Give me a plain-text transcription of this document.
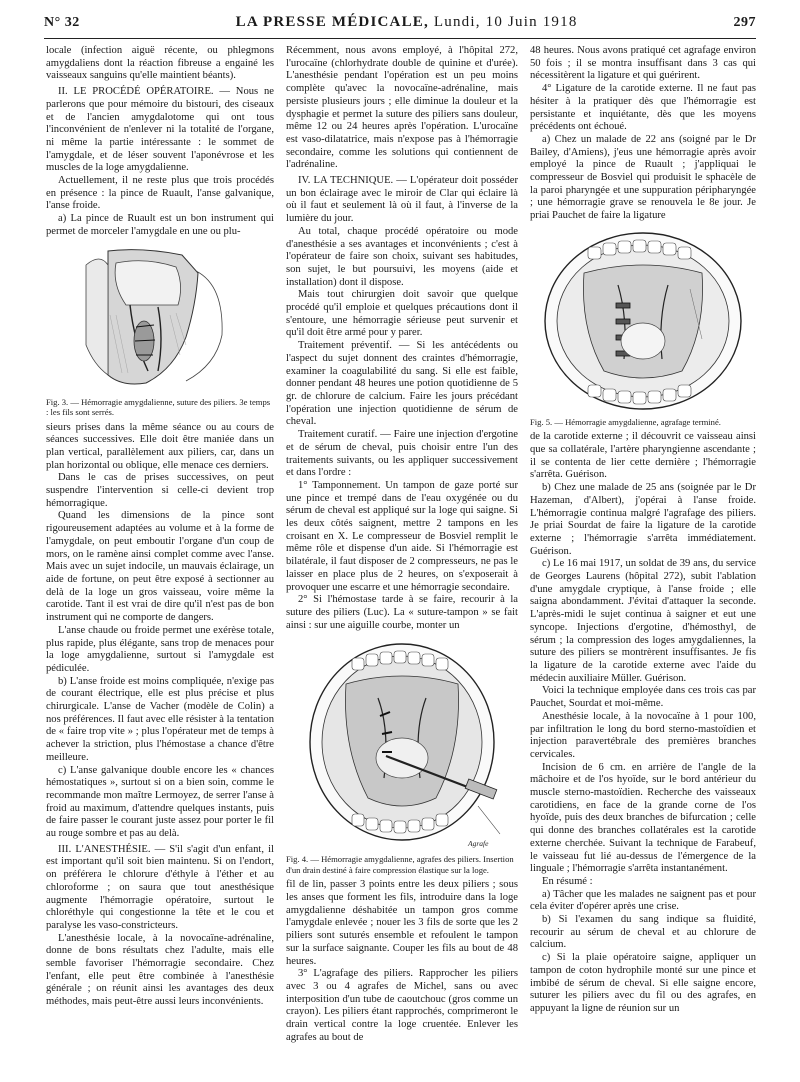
N° 32	LA PRESSE MÉDICALE, Lundi, 10 Juin 1918	297

locale (infection aiguë récente, ou phlegmons amygdaliens dont la réaction fibreuse a engainé les vaisseaux sanguins qu'elle maintient béants).

II. LE PROCÉDÉ OPÉRATOIRE. — Nous ne parlerons que pour mémoire du bistouri, des ciseaux et de l'ancien amygdalotome qui ont tous l'inconvénient de n'enlever ni la totalité de l'organe, ni même la partie intéressante : le sommet de l'amygdale, et de léser souvent l'aponévrose et les muscles de la loge amygdalienne.

Actuellement, il ne reste plus que trois procédés en présence : la pince de Ruault, l'anse galvanique, l'anse froide.

a) La pince de Ruault est un bon instrument qui permet de morceler l'amygdale en une ou plu-

Fig. 3. — Hémorragie amygdalienne, suture des piliers. 3e temps : les fils sont serrés.

sieurs prises dans la même séance ou au cours de séances successives. Elle doit être maniée dans un plan vertical, parallèlement aux piliers, car, dans un plan horizontal ou oblique, elle menace ces derniers.

Dans le cas de prises successives, on peut suspendre l'intervention si celle-ci devient trop hémorragique.

Quand les dimensions de la pince sont rigoureusement adaptées au volume et à la forme de l'amygdale, on peut emboutir l'organe d'un coup de mors, on le ramène ainsi complet comme avec l'anse. Mais avec un sujet indocile, un mauvais éclairage, un aide de fortune, on peut être exposé à sectionner au delà de la loge un gros vaisseau, voire même la carotide. Tant il est vrai de dire qu'il n'est pas de bon instrument qui ne comporte de dangers.

L'anse chaude ou froide permet une exérèse totale, plus rapide, plus élégante, sans trop de menaces pour la loge amygdalienne, surtout si l'amygdale est pédiculée.

b) L'anse froide est moins compliquée, n'exige pas de courant électrique, elle est plus précise et plus chirurgicale. L'anse de Vacher (modèle de Colin) a nos préférences. Il faut avec elle résister à la tentation de « faire trop vite » ; plus l'opérateur met de temps à achever la striction, plus l'hémostase a chance d'être meilleure.

c) L'anse galvanique double encore les « chances hémostatiques », surtout si on a bien soin, comme le recommande mon maître Lermoyez, de serrer l'anse à froid au maximum, d'attendre quelques instants, puis de faire passer le courant juste assez pour porter le fil au rouge sombre et pas au delà.

III. L'ANESTHÉSIE. — S'il s'agit d'un enfant, il est important qu'il soit bien maintenu. Si on l'endort, on préférera le chlorure d'éthyle à l'éther et au chloroforme ; on saura que tout anesthésique augmente l'hémorragie opératoire, surtout le chloréthyle qui congestionne la tête et le cou et paralyse les vaso-constricteurs.

L'anesthésie locale, à la novocaïne-adrénaline, donne de bons résultats chez l'adulte, mais elle semble favoriser l'hémorragie secondaire. Chez l'enfant, elle peut être combinée à l'anesthésie générale ; on réunit ainsi les avantages des deux méthodes, mais peut-être aussi leurs inconvénients.

Récemment, nous avons employé, à l'hôpital 272, l'urocaïne (chlorhydrate double de quinine et d'urée). L'anesthésie pendant l'opération est un peu moins complète qu'avec la novocaïne-adrénaline, mais persiste plusieurs jours ; elle diminue la douleur et la dysphagie et permet la suture des piliers sans douleur, même 12 ou 24 heures après l'opération. L'urocaïne est vaso-dilatatrice, mais n'expose pas à l'hémorragie secondaire, comme les solutions qui contiennent de l'adrénaline.

IV. LA TECHNIQUE. — L'opérateur doit posséder un bon éclairage avec le miroir de Clar qui éclaire là où il faut et seulement là où il faut, à l'inverse de la lumière du jour.

Au total, chaque procédé opératoire ou mode d'anesthésie a ses avantages et inconvénients ; c'est à l'opérateur de faire son choix, suivant ses habitudes, son sujet, le but poursuivi, les moyens (aide et installation) dont il dispose.

Mais tout chirurgien doit savoir que quelque procédé qu'il emploie et quelques précautions dont il s'entoure, une hémorragie sérieuse peut survenir et qu'il doit être armé pour y parer.

Traitement préventif. — Si les antécédents ou l'aspect du sujet donnent des craintes d'hémorragie, examiner la coagulabilité du sang. Si elle est faible, donner pendant 48 heures une potion quotidienne de 5 gr. de chlorure de calcium. Faire les jours précédant l'opération une injection quotidienne de sérum de cheval.

Traitement curatif. — Faire une injection d'ergotine et de sérum de cheval, puis choisir entre l'un des traitements suivants, ou les appliquer successivement et dans l'ordre :

1° Tamponnement. Un tampon de gaze porté sur une pince et trempé dans de l'eau oxygénée ou du sérum de cheval est appliqué sur la loge qui saigne. Si les deux côtés saignent, mettre 2 tampons en les croisant en X. Le compresseur de Bosviel remplit le même rôle et dispense d'un aide. Si l'hémorragie est bilatérale, il faut disposer de 2 compresseurs, ne pas le laisser en place plus de 2 heures, on s'exposerait à provoquer une escarre et une hémorragie secondaire.

2° Si l'hémostase tarde à se faire, recourir à la suture des piliers (Luc). La « suture-tampon » se fait ainsi : sur une aiguille courbe, monter un

Agrafe
Fig. 4. — Hémorragie amygdalienne, agrafes des piliers. Insertion d'un drain destiné à faire compression élastique sur la loge.

fil de lin, passer 3 points entre les deux piliers ; sous les anses que forment les fils, introduire dans la loge amygdalienne déshabitée un tampon gros comme l'amygdale enlevée ; nouer les 3 fils de sorte que les 2 piliers sont suturés ensemble et refoulent le tampon sur la surface saignante. Couper les fils au bout de 48 heures.

3° L'agrafage des piliers. Rapprocher les piliers avec 3 ou 4 agrafes de Michel, sans ou avec interposition d'un tube de caoutchouc (gros comme un crayon). Les piliers étant rapprochés, comprimeront le drain vertical contre la loge cruentée. Enlever les agrafes au bout de

48 heures. Nous avons pratiqué cet agrafage environ 50 fois ; il se montra insuffisant dans 3 cas qui nécessitèrent la ligature et qui guérirent.

4° Ligature de la carotide externe. Il ne faut pas hésiter à la pratiquer dès que l'hémorragie est persistante et inquiétante, dès que les moyens précédents ont échoué.

a) Chez un malade de 22 ans (soigné par le Dr Bailey, d'Amiens), j'eus une hémorragie après avoir employé la pince de Ruault ; j'appliquai le compresseur de Bosviel qui produisit le sphacèle de la paroi pharyngée et une suppuration péripharyngée ; une hémorragie grave se renouvela le 8e jour. Je priai Pauchet de faire la ligature

Fig. 5. — Hémorragie amygdalienne, agrafage terminé.

de la carotide externe ; il découvrit ce vaisseau ainsi que sa collatérale, l'artère pharyngienne ascendante ; il se contenta de lier cette dernière ; l'hémorragie s'arrêta. Guérison.

b) Chez une malade de 25 ans (soignée par le Dr Hazeman, d'Albert), j'opérai à l'anse froide. L'hémorragie continua malgré l'agrafage des piliers. Je priai Sourdat de faire la ligature de la carotide externe ; l'hémorragie s'arrêta immédiatement. Guérison.

c) Le 16 mai 1917, un soldat de 39 ans, du service de Georges Laurens (hôpital 272), subit l'ablation d'une amygdale cryptique, à l'anse froide ; elle saigna abondamment. J'évitai d'attaquer la seconde. L'après-midi le sujet continua à saigner et eut une syncope. Injections d'ergotine, d'hémosthyl, de sérum ; la compression des loges amygdaliennes, la suture des piliers se montrèrent insuffisantes. Je fis la ligature de la carotide externe avec l'aide du médecin auxiliaire Müller. Guérison.

Voici la technique employée dans ces trois cas par Pauchet, Sourdat et moi-même.

Anesthésie locale, à la novocaïne à 1 pour 100, par infiltration le long du bord sterno-mastoïdien et injection paravertébrale des premières branches cervicales.

Incision de 6 cm. en arrière de l'angle de la mâchoire et de l'os hyoïde, sur le bord antérieur du muscle sterno-mastoïdien. Recherche des vaisseaux carotidiens, en face de la grande corne de l'os hyoïde, puis des deux branches de bifurcation ; celle qui donne des branches collatérales est la carotide externe cherchée. Suivant la technique de Farabeuf, le vaisseau fut lié au-dessus de l'émergence de la linguale ; l'hémorragie s'arrêta instantanément.

En résumé :

a) Tâcher que les malades ne saignent pas et pour cela éviter d'opérer après une crise.

b) Si l'examen du sang indique sa fluidité, recourir au sérum de cheval et au chlorure de calcium.

c) Si la plaie opératoire saigne, appliquer un tampon de coton hydrophile monté sur une pince et imbibé de sérum de cheval. Si elle saigne encore, suturer les piliers avec du fil ou des agrafes, en appuyant la ligne de réunion sur un
